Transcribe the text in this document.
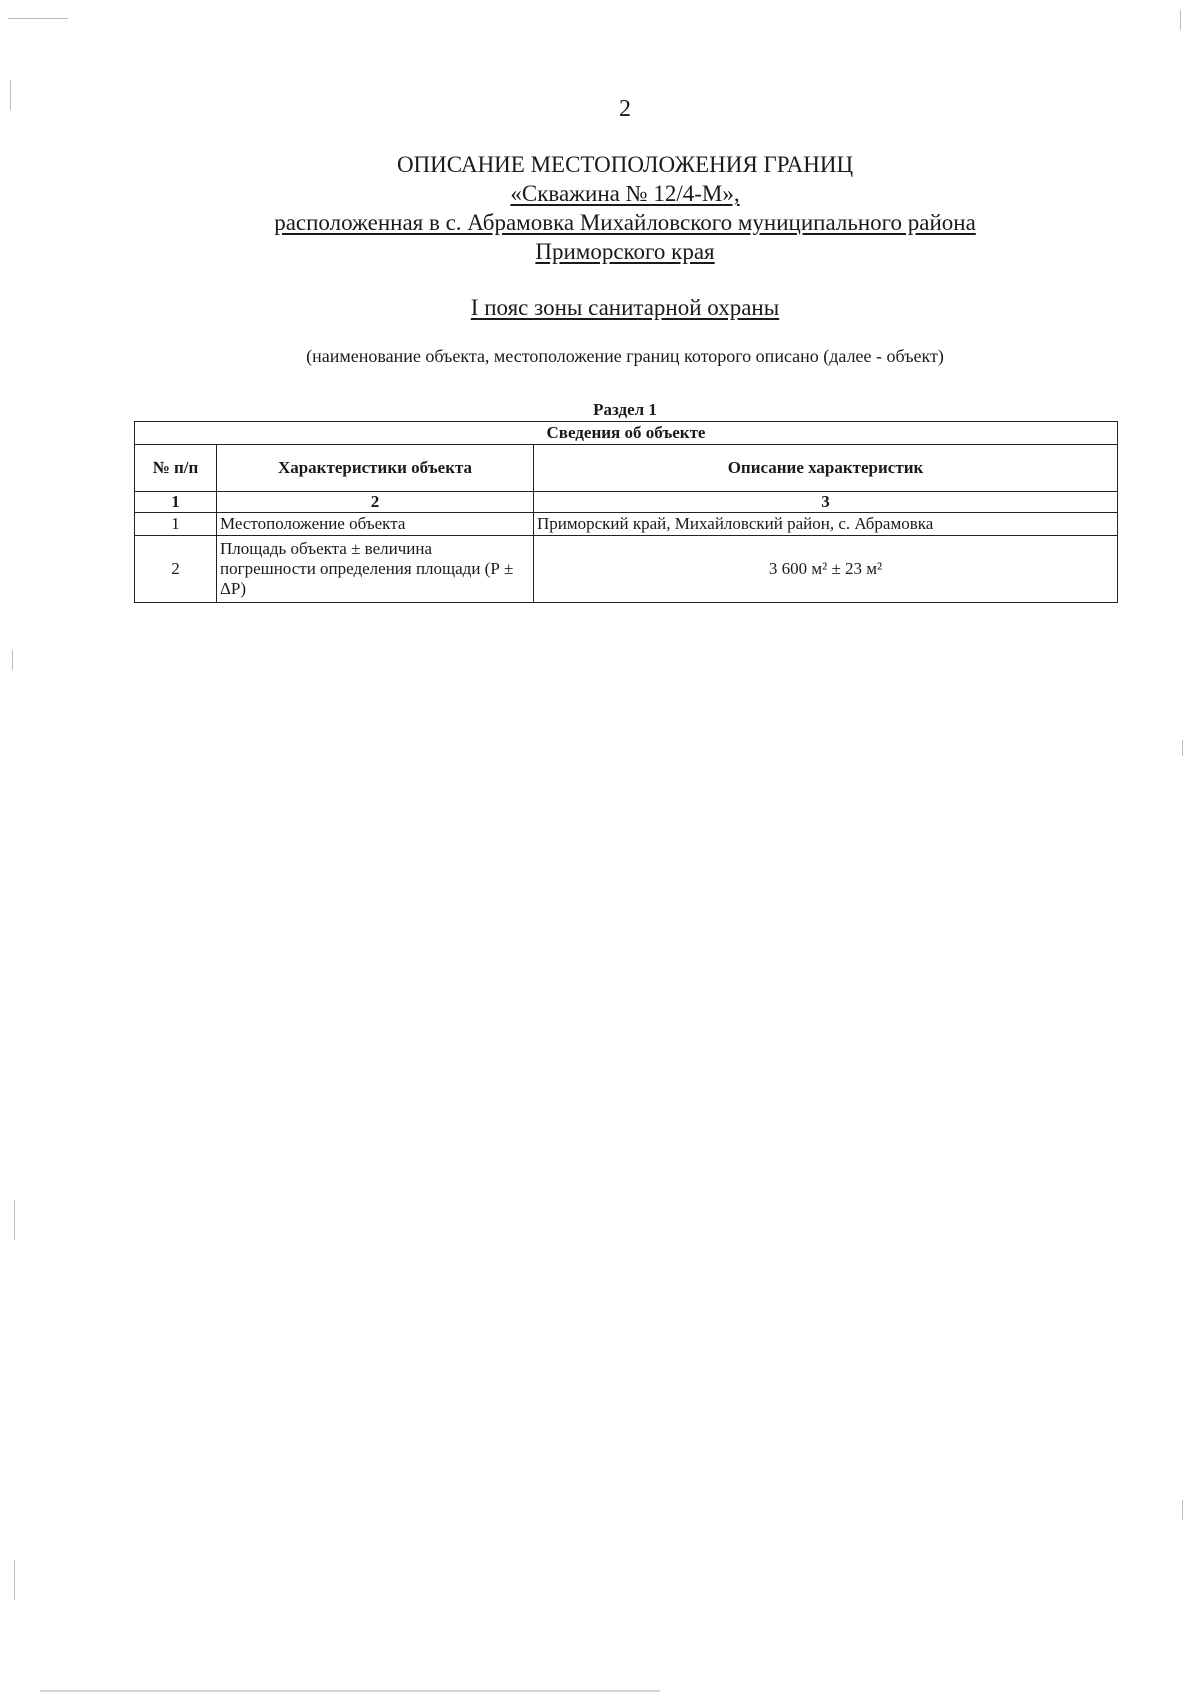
2
ОПИСАНИЕ МЕСТОПОЛОЖЕНИЯ ГРАНИЦ
«Скважина № 12/4-М»,
расположенная в с. Абрамовка Михайловского муниципального района
Приморского края
I пояс зоны санитарной охраны
(наименование объекта, местоположение границ которого описано (далее - объект)
Раздел 1
Сведения об объекте		
№ п/п	Характеристики объекта	Описание характеристик
1	2	3
1	Местоположение объекта	Приморский край, Михайловский район, с. Абрамовка
2	Площадь объекта ± величина погрешности определения площади (Р ± ΔР)	3 600 м² ± 23 м²
